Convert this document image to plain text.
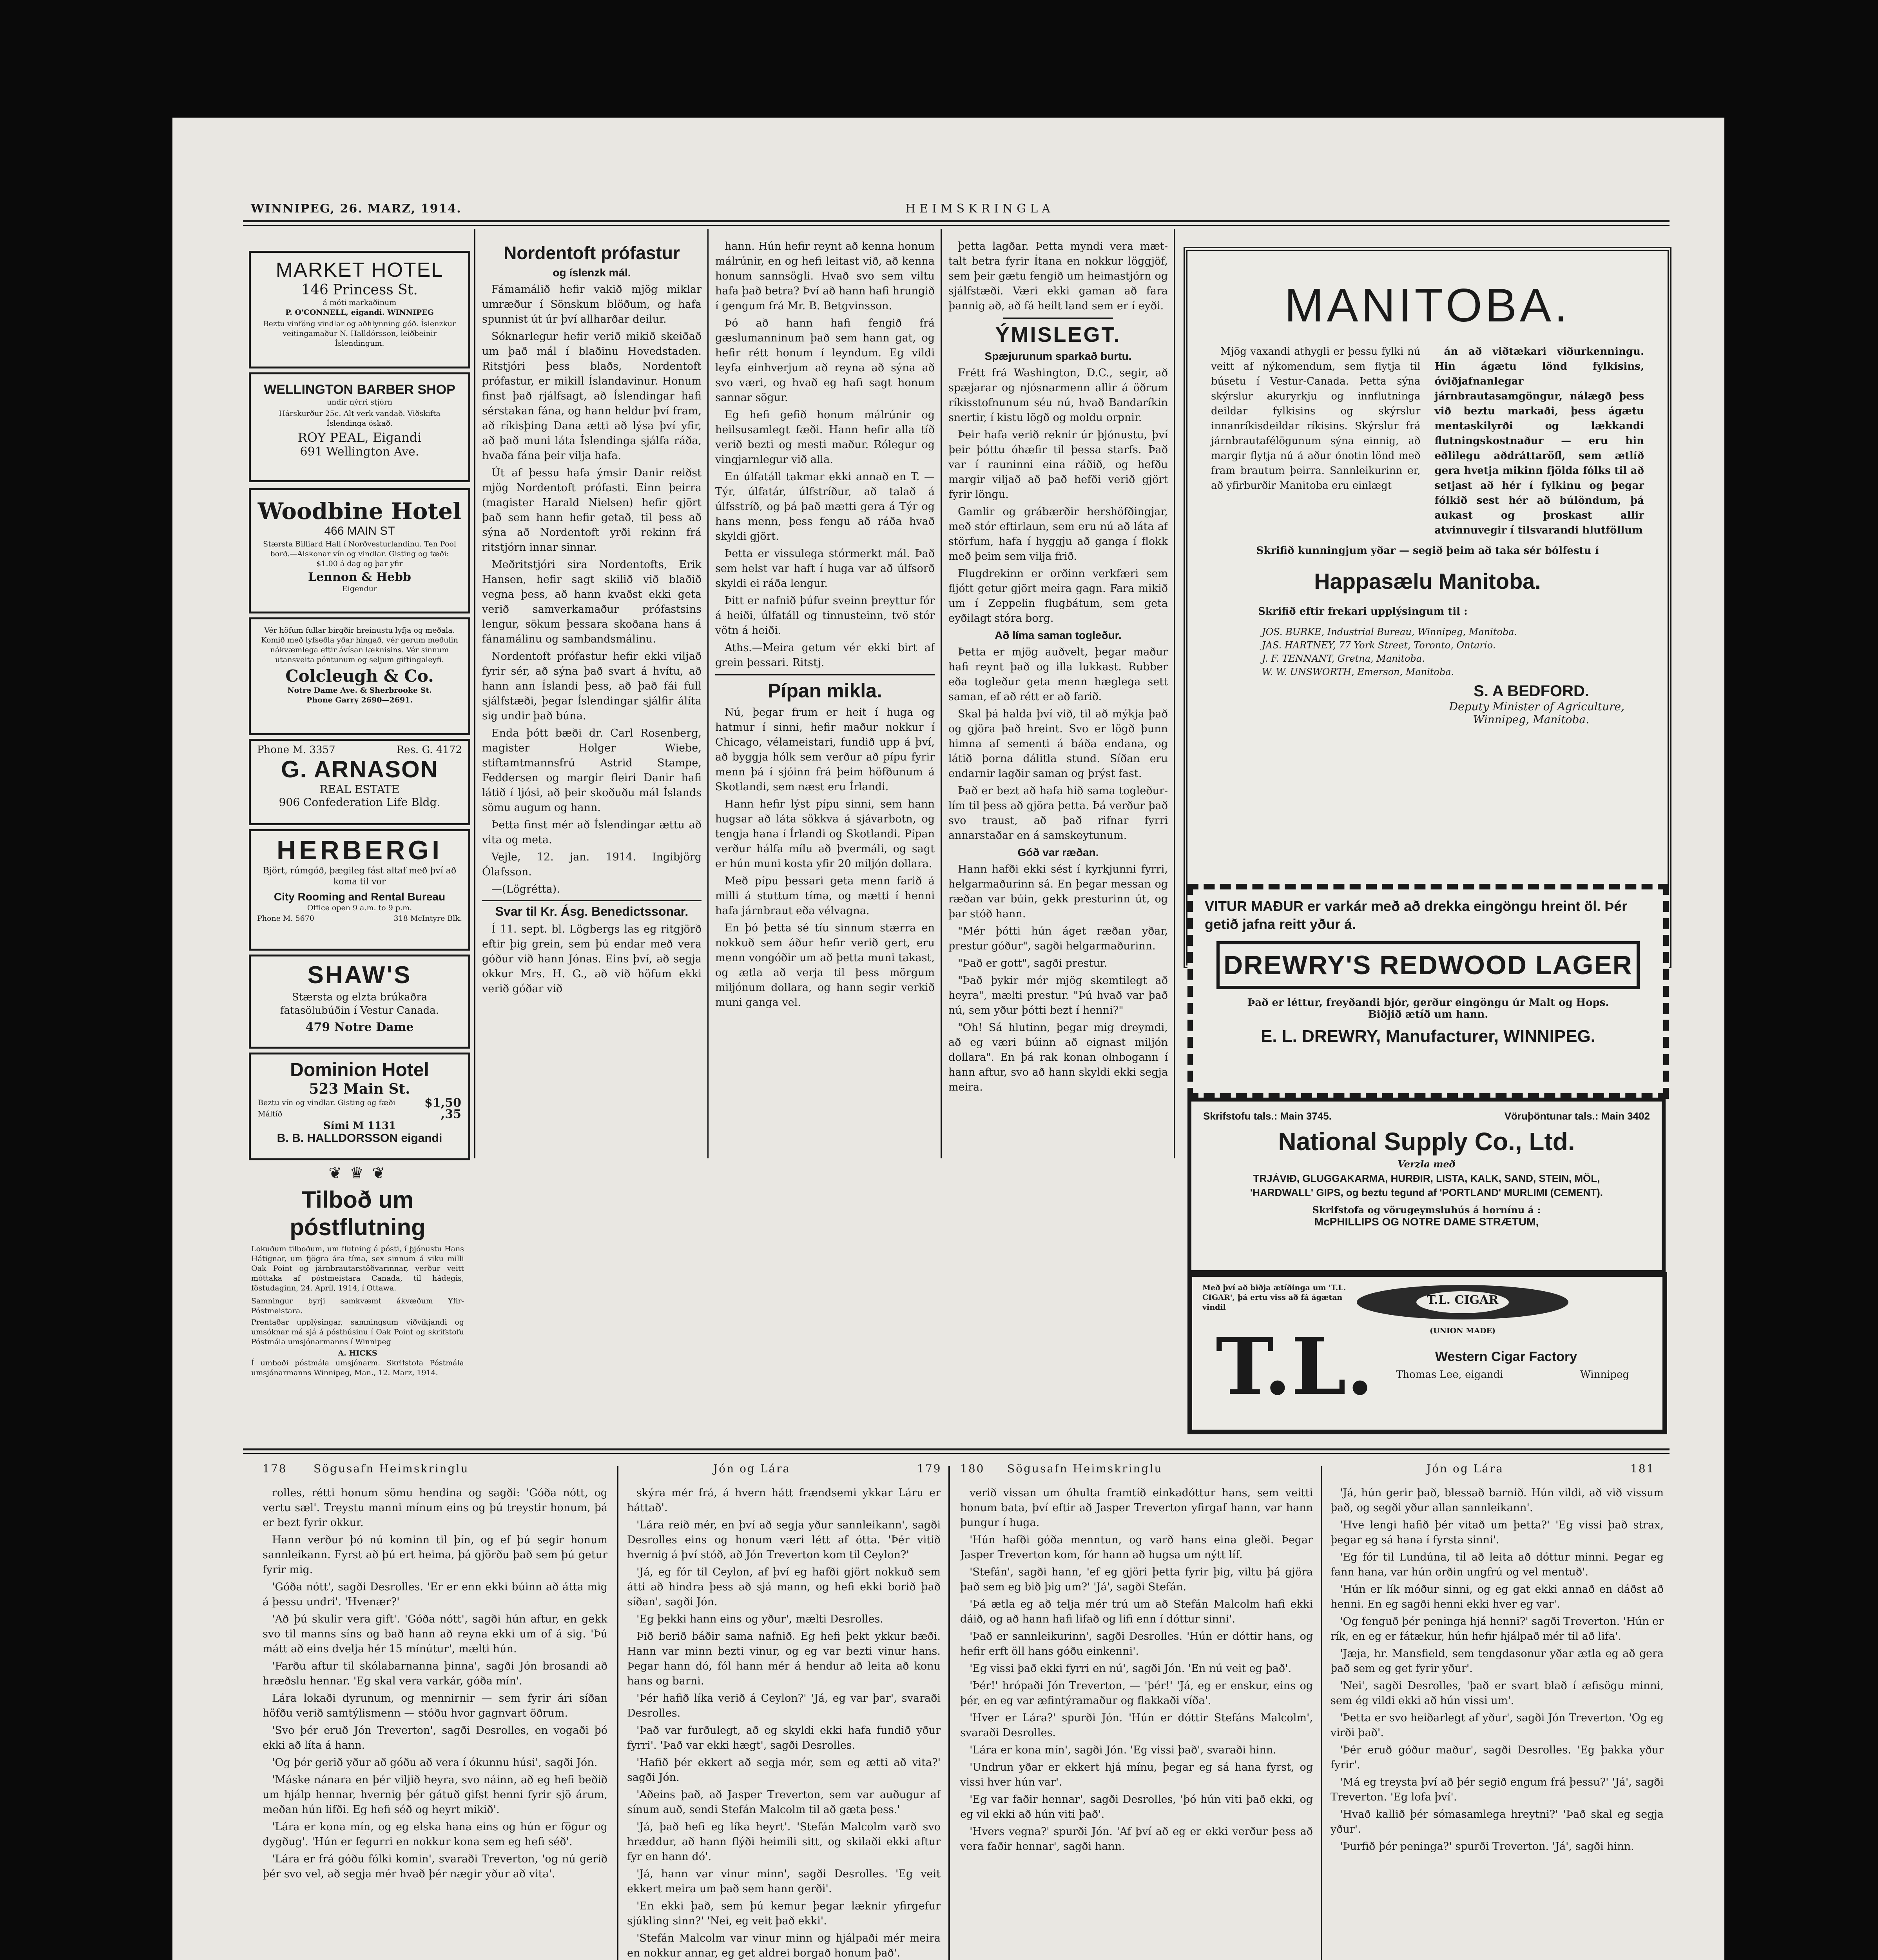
WINNIPEG, 26. MARZ, 1914.	HEIMSKRINGLA
MARKET HOTEL
146 Princess St.
á móti markaðinum
P. O'CONNELL, eigandi. WINNIPEG
Beztu vinföng vindlar og aðhlynning góð. Íslenzkur veitingamaður N. Halldórsson, leiðbeinir Íslendingum.
WELLINGTON BARBER SHOP
undir nýrri stjórn
Hárskurður 25c. Alt verk vandað. Viðskifta Íslendinga óskað.
ROY PEAL, Eigandi
691 Wellington Ave.
Woodbine Hotel
466 MAIN ST
Stærsta Billiard Hall í Norðvesturlandinu. Ten Pool borð.—Alskonar vín og vindlar. Gisting og fæði: $1.00 á dag og þar yfir
Lennon & Hebb
Eigendur
Vér höfum fullar birgðir hreinustu lyfja og meðala. Komið með lyfseðla yðar hingað, vér gerum meðulin nákvæmlega eftir ávísan læknisins. Vér sinnum utansveita pöntunum og seljum giftingaleyfi.
Colcleugh & Co.
Notre Dame Ave. & Sherbrooke St.
Phone Garry 2690—2691.
Phone M. 3357	Res. G. 4172
G. ARNASON
REAL ESTATE
906 Confederation Life Bldg.
HERBERGI
Björt, rúmgóð, þægileg fást altaf með því að koma til vor
City Rooming and Rental Bureau
Office open 9 a.m. to 9 p.m.
Phone M. 5670	318 McIntyre Blk.
SHAW'S
Stærsta og elzta brúkaðra fatasölubúðin í Vestur Canada.
479 Notre Dame
Dominion Hotel
523 Main St.
Beztu vín og vindlar. Gisting og fæði $1,50
Máltíð	,35
Sími M 1131
B. B. HALLDORSSON eigandi
❦ ♛ ❦
Tilboð um póstflutning
Lokuðum tilboðum, um flutning á pósti, í þjónustu Hans Hátignar, um fjögra ára tíma, sex sinnum á viku milli Oak Point og járnbrautarstöðvarinnar, verður veitt móttaka af póstmeistara Canada, til hádegis, föstudaginn, 24. Apríl, 1914, í Ottawa.
Samningur byrji samkvæmt ákvæðum Yfir-Póstmeistara.
Prentaðar upplýsingar, samningsum viðvíkjandi og umsóknar má sjá á pósthúsinu í Oak Point og skrifstofu Póstmála umsjónarmanns í Winnipeg
A. HICKS
Í umboði póstmála umsjónarm. Skrifstofa Póstmála umsjónarmanns Winnipeg, Man., 12. Marz, 1914.
Nordentoft prófastur
og íslenzk mál.

Fámamálið hefir vakið mjög miklar umræður í Sönskum blöðum, og hafa spunnist út úr því allharðar deilur.

Sóknarlegur hefir verið mikið skeiðað um það mál í blaðinu Hovedstaden. Ritstjóri þess blaðs, Nordentoft prófastur, er mikill Íslandavinur. Honum finst það rjálfsagt, að Íslendingar hafi sérstakan fána, og hann heldur því fram, að ríkisþing Dana ætti að lýsa því yfir, að það muni láta Íslendinga sjálfa ráða, hvaða fána þeir vilja hafa.

Út af þessu hafa ýmsir Danir reiðst mjög Nordentoft prófasti. Einn þeirra (magister Harald Nielsen) hefir gjört það sem hann hefir getað, til þess að sýna að Nordentoft yrði rekinn frá ritstjórn innar sinnar.

Meðritstjóri sira Nordentofts, Erik Hansen, hefir sagt skilið við blaðið vegna þess, að hann kvaðst ekki geta verið samverkamaður prófastsins lengur, sökum þessara skoðana hans á fánamálinu og sambandsmálinu.

Nordentoft prófastur hefir ekki viljað fyrir sér, að sýna það svart á hvítu, að hann ann Íslandi þess, að það fái full sjálfstæði, þegar Íslendingar sjálfir álíta sig undir það búna.

Enda þótt bæði dr. Carl Rosenberg, magister Holger Wiebe, stiftamtmannsfrú Astrid Stampe, Feddersen og margir fleiri Danir hafi látið í ljósi, að þeir skoðuðu mál Íslands sömu augum og hann.

Þetta finst mér að Íslendingar ættu að vita og meta.

Vejle, 12. jan. 1914. Ingibjörg Ólafsson.

—(Lögrétta).

Svar til Kr. Ásg. Benedictssonar.

Í 11. sept. bl. Lögbergs las eg ritgjörð eftir þig grein, sem þú endar með vera góður við hann Jónas. Eins því, að segja okkur Mrs. H. G., að við höfum ekki verið góðar við

hann. Hún hefir reynt að kenna honum málrúnir, en og hefi leitast við, að kenna honum sannsögli. Hvað svo sem viltu hafa það betra? Því að hann hafi hrungið í gengum frá Mr. B. Betgvinsson.

Þó að hann hafi fengið frá gæslumanninum það sem hann gat, og hefir rétt honum í leyndum. Eg vildi leyfa einhverjum að reyna að sýna að svo væri, og hvað eg hafi sagt honum sannar sögur.

Eg hefi gefið honum málrúnir og heilsusamlegt fæði. Hann hefir alla tíð verið bezti og mesti maður. Rólegur og vingjarnlegur við alla.

En úlfatáll takmar ekki annað en T. — Týr, úlfatár, úlfstríður, að talað á úlfsstríð, og þá það mætti gera á Týr og hans menn, þess fengu að ráða hvað skyldi gjört.

Þetta er vissulega stórmerkt mál. Það sem helst var haft í huga var að úlfsorð skyldi ei ráða lengur.

Þitt er nafnið þúfur sveinn þreyttur fór á heiði, úlfatáll og tinnusteinn, tvö stór vötn á heiði.

Aths.—Meira getum vér ekki birt af grein þessari. Ritstj.

Pípan mikla.

Nú, þegar frum er heit í huga og hatmur í sinni, hefir maður nokkur í Chicago, vélameistari, fundið upp á því, að byggja hólk sem verður að pípu fyrir menn þá í sjóinn frá þeim höfðunum á Skotlandi, sem næst eru Írlandi.

Hann hefir lýst pípu sinni, sem hann hugsar að láta sökkva á sjávarbotn, og tengja hana í Írlandi og Skotlandi. Pípan verður hálfa mílu að þvermáli, og sagt er hún muni kosta yfir 20 miljón dollara.

Með pípu þessari geta menn farið á milli á stuttum tíma, og mætti í henni hafa járnbraut eða vélvagna.

En þó þetta sé tíu sinnum stærra en nokkuð sem áður hefir verið gert, eru menn vongóðir um að þetta muni takast, og ætla að verja til þess mörgum miljónum dollara, og hann segir verkið muni ganga vel.

þetta lagðar. Þetta myndi vera mæt-talt betra fyrir Ítana en nokkur löggjöf, sem þeir gætu fengið um heimastjórn og sjálfstæði. Væri ekki gaman að fara þannig að, að fá heilt land sem er í eyði.

ÝMISLEGT.
Spæjurunum sparkað burtu.

Frétt frá Washington, D.C., segir, að spæjarar og njósnarmenn allir á öðrum ríkisstofnunum séu nú, hvað Bandaríkin snertir, í kistu lögð og moldu orpnir.

Þeir hafa verið reknir úr þjónustu, því þeir þóttu óhæfir til þessa starfs. Það var í rauninni eina ráðið, og hefðu margir viljað að það hefði verið gjört fyrir löngu.

Gamlir og grábærðir hershöfðingjar, með stór eftirlaun, sem eru nú að láta af störfum, hafa í hyggju að ganga í flokk með þeim sem vilja frið.

Flugdrekinn er orðinn verkfæri sem fljótt getur gjört meira gagn. Fara mikið um í Zeppelin flugbátum, sem geta eyðilagt stóra borg.

Að líma saman togleður.

Þetta er mjög auðvelt, þegar maður hafi reynt það og illa lukkast. Rubber eða togleður geta menn hæglega sett saman, ef að rétt er að farið.

Skal þá halda því við, til að mýkja það og gjöra það hreint. Svo er lögð þunn himna af sementi á báða endana, og látið þorna dálitla stund. Síðan eru endarnir lagðir saman og þrýst fast.

Það er bezt að hafa hið sama togleður-lím til þess að gjöra þetta. Þá verður það svo traust, að það rifnar fyrri annarstaðar en á samskeytunum.

Góð var ræðan.

Hann hafði ekki sést í kyrkjunni fyrri, helgarmaðurinn sá. En þegar messan og ræðan var búin, gekk presturinn út, og þar stóð hann.

"Mér þótti hún áget ræðan yðar, prestur góður", sagði helgarmaðurinn.

"Það er gott", sagði prestur.

"Það þykir mér mjög skemtilegt að heyra", mælti prestur. "Þú hvað var það nú, sem yður þótti bezt í henni?"

"Oh! Sá hlutinn, þegar mig dreymdi, að eg væri búinn að eignast miljón dollara". En þá rak konan olnbogann í hann aftur, svo að hann skyldi ekki segja meira.

MANITOBA.

Mjög vaxandi athygli er þessu fylki nú veitt af nýkomendum, sem flytja til búsetu í Vestur-Canada. Þetta sýna skýrslur akuryrkju og innflutninga deildar fylkisins og skýrslur innanríkisdeildar ríkisins. Skýrslur frá járnbrautafélögunum sýna einnig, að margir flytja nú á aður ónotin lönd með fram brautum þeirra. Sannleikurinn er, að yfirburðir Manitoba eru einlægt

án að viðtækari viðurkenningu. Hin ágætu lönd fylkisins, óviðjafnanlegar járnbrautasamgöngur, nálægð þess við beztu markaði, þess ágætu mentaskilyrði og lækkandi flutningskostnaður — eru hin eðlilegu aðdráttaröfl, sem ætlíð gera hvetja mikinn fjölda fólks til að setjast að hér í fylkinu og þegar fólkið sest hér að búlöndum, þá aukast og þroskast allir atvinnuvegir í tilsvarandi hlutföllum

Skrifið kunningjum yðar — segið þeim að taka sér bólfestu í
Happasælu Manitoba.
Skrifið eftir frekari upplýsingum til :

JOS. BURKE, Industrial Bureau, Winnipeg, Manitoba.

JAS. HARTNEY, 77 York Street, Toronto, Ontario.

J. F. TENNANT, Gretna, Manitoba.

W. W. UNSWORTH, Emerson, Manitoba.

S. A BEDFORD.
Deputy Minister of Agriculture,
Winnipeg, Manitoba.
VITUR MAÐUR er varkár með að drekka eingöngu hreint öl. Þér getið jafna reitt yður á.
DREWRY'S REDWOOD LAGER
Það er léttur, freyðandi bjór, gerður eingöngu úr Malt og Hops. Biðjið ætíð um hann.
E. L. DREWRY, Manufacturer, WINNIPEG.
Skrifstofu tals.: Main 3745.	Vöruþöntunar tals.: Main 3402
National Supply Co., Ltd.
Verzla með
TRJÁVIÐ, GLUGGAKARMA, HURÐIR, LISTA, KALK, SAND, STEIN, MÖL, 'HARDWALL' GIPS, og beztu tegund af 'PORTLAND' MURLIMI (CEMENT).
Skrifstofa og vörugeymsluhús á hornínu á :
McPHILLIPS OG NOTRE DAME STRÆTUM,
Með því að biðja ætíðinga um 'T.L. CIGAR', þá ertu viss að fá ágætan vindil
T.L. CIGAR
(UNION MADE)
T.L.	Western Cigar Factory
Thomas Lee, eigandi	Winnipeg
178 Sögusafn Heimskringlu	Jón og Lára	179 180 Sögusafn Heimskringlu	Jón og Lára	181

rolles, rétti honum sömu hendina og sagði: 'Góða nótt, og vertu sæl'. Treystu manni mínum eins og þú treystir honum, þá er bezt fyrir okkur.

Hann verður þó nú kominn til þín, og ef þú segir honum sannleikann. Fyrst að þú ert heima, þá gjörðu það sem þú getur fyrir mig.

'Góða nótt', sagði Desrolles. 'Er er enn ekki búinn að átta mig á þessu undri'. 'Hvenær?'

'Að þú skulir vera gift'. 'Góða nótt', sagði hún aftur, en gekk svo til manns síns og bað hann að reyna ekki um of á sig. 'Þú mátt að eins dvelja hér 15 mínútur', mælti hún.

'Farðu aftur til skólabarnanna þinna', sagði Jón brosandi að hræðslu hennar. 'Eg skal vera varkár, góða mín'.

Lára lokaði dyrunum, og mennirnir — sem fyrir ári síðan höfðu verið samtýlismenn — stóðu hvor gagnvart öðrum.

'Svo þér eruð Jón Treverton', sagði Desrolles, en vogaði þó ekki að líta á hann.

'Og þér gerið yður að góðu að vera í ókunnu húsi', sagði Jón.

'Máske nánara en þér viljið heyra, svo náinn, að eg hefi beðið um hjálp hennar, hvernig þér gátuð gifst henni fyrir sjö árum, meðan hún lifði. Eg hefi séð og heyrt mikið'.

'Lára er kona mín, og eg elska hana eins og hún er fögur og dygðug'. 'Hún er fegurri en nokkur kona sem eg hefi séð'.

'Lára er frá góðu fólki komin', svaraði Treverton, 'og nú gerið þér svo vel, að segja mér hvað þér nægir yður að vita'.

skýra mér frá, á hvern hátt frændsemi ykkar Láru er háttað'.

'Lára reið mér, en því að segja yður sannleikann', sagði Desrolles eins og honum væri létt af ótta. 'Þér vitið hvernig á því stóð, að Jón Treverton kom til Ceylon?'

'Já, eg fór til Ceylon, af því eg hafði gjört nokkuð sem átti að hindra þess að sjá mann, og hefi ekki borið það síðan', sagði Jón.

'Eg þekki hann eins og yður', mælti Desrolles.

Þið berið báðir sama nafnið. Eg hefi þekt ykkur bæði. Hann var minn bezti vinur, og eg var bezti vinur hans. Þegar hann dó, fól hann mér á hendur að leita að konu hans og barni.

'Þér hafið líka verið á Ceylon?' 'Já, eg var þar', svaraði Desrolles.

'Það var furðulegt, að eg skyldi ekki hafa fundið yður fyrri'. 'Það var ekki hægt', sagði Desrolles.

'Hafið þér ekkert að segja mér, sem eg ætti að vita?' sagði Jón.

'Aðeins það, að Jasper Treverton, sem var auðugur af sínum auð, sendi Stefán Malcolm til að gæta þess.'

'Já, það hefi eg líka heyrt'. 'Stefán Malcolm varð svo hræddur, að hann flýði heimili sitt, og skilaði ekki aftur fyr en hann dó'.

'Já, hann var vinur minn', sagði Desrolles. 'Eg veit ekkert meira um það sem hann gerði'.

'En ekki það, sem þú kemur þegar læknir yfirgefur sjúkling sinn?' 'Nei, eg veit það ekki'.

'Stefán Malcolm var vinur minn og hjálpaði mér meira en nokkur annar, eg get aldrei borgað honum það'.

verið vissan um óhulta framtíð einkadóttur hans, sem veitti honum bata, því eftir að Jasper Treverton yfirgaf hann, var hann þungur í huga.

'Hún hafði góða menntun, og varð hans eina gleði. Þegar Jasper Treverton kom, fór hann að hugsa um nýtt líf.

'Stefán', sagði hann, 'ef eg gjöri þetta fyrir þig, viltu þá gjöra það sem eg bið þig um?' 'Já', sagði Stefán.

'Þá ætla eg að telja mér trú um að Stefán Malcolm hafi ekki dáið, og að hann hafi lifað og lifi enn í dóttur sinni'.

'Það er sannleikurinn', sagði Desrolles. 'Hún er dóttir hans, og hefir erft öll hans góðu einkenni'.

'Eg vissi það ekki fyrri en nú', sagði Jón. 'En nú veit eg það'.

'Þér!' hrópaði Jón Treverton, — 'þér!' 'Já, eg er enskur, eins og þér, en eg var æfintýramaður og flakkaði víða'.

'Hver er Lára?' spurði Jón. 'Hún er dóttir Stefáns Malcolm', svaraði Desrolles.

'Lára er kona mín', sagði Jón. 'Eg vissi það', svaraði hinn.

'Undrun yðar er ekkert hjá mínu, þegar eg sá hana fyrst, og vissi hver hún var'.

'Eg var faðir hennar', sagði Desrolles, 'þó hún viti það ekki, og eg vil ekki að hún viti það'.

'Hvers vegna?' spurði Jón. 'Af því að eg er ekki verður þess að vera faðir hennar', sagði hann.

'Já, hún gerir það, blessað barnið. Hún vildi, að við vissum það, og segði yður allan sannleikann'.

'Hve lengi hafið þér vitað um þetta?' 'Eg vissi það strax, þegar eg sá hana í fyrsta sinni'.

'Eg fór til Lundúna, til að leita að dóttur minni. Þegar eg fann hana, var hún orðin ungfrú og vel mentuð'.

'Hún er lík móður sinni, og eg gat ekki annað en dáðst að henni. En eg sagði henni ekki hver eg var'.

'Og fenguð þér peninga hjá henni?' sagði Treverton. 'Hún er rík, en eg er fátækur, hún hefir hjálpað mér til að lifa'.

'Jæja, hr. Mansfield, sem tengdasonur yðar ætla eg að gera það sem eg get fyrir yður'.

'Nei', sagði Desrolles, 'það er svart blað í æfisögu minni, sem ég vildi ekki að hún vissi um'.

'Þetta er svo heiðarlegt af yður', sagði Jón Treverton. 'Og eg virði það'.

'Þér eruð góður maður', sagði Desrolles. 'Eg þakka yður fyrir'.

'Má eg treysta því að þér segið engum frá þessu?' 'Já', sagði Treverton. 'Eg lofa því'.

'Hvað kallið þér sómasamlega hreytni?' 'Það skal eg segja yður'.

'Þurfið þér peninga?' spurði Treverton. 'Já', sagði hinn.
